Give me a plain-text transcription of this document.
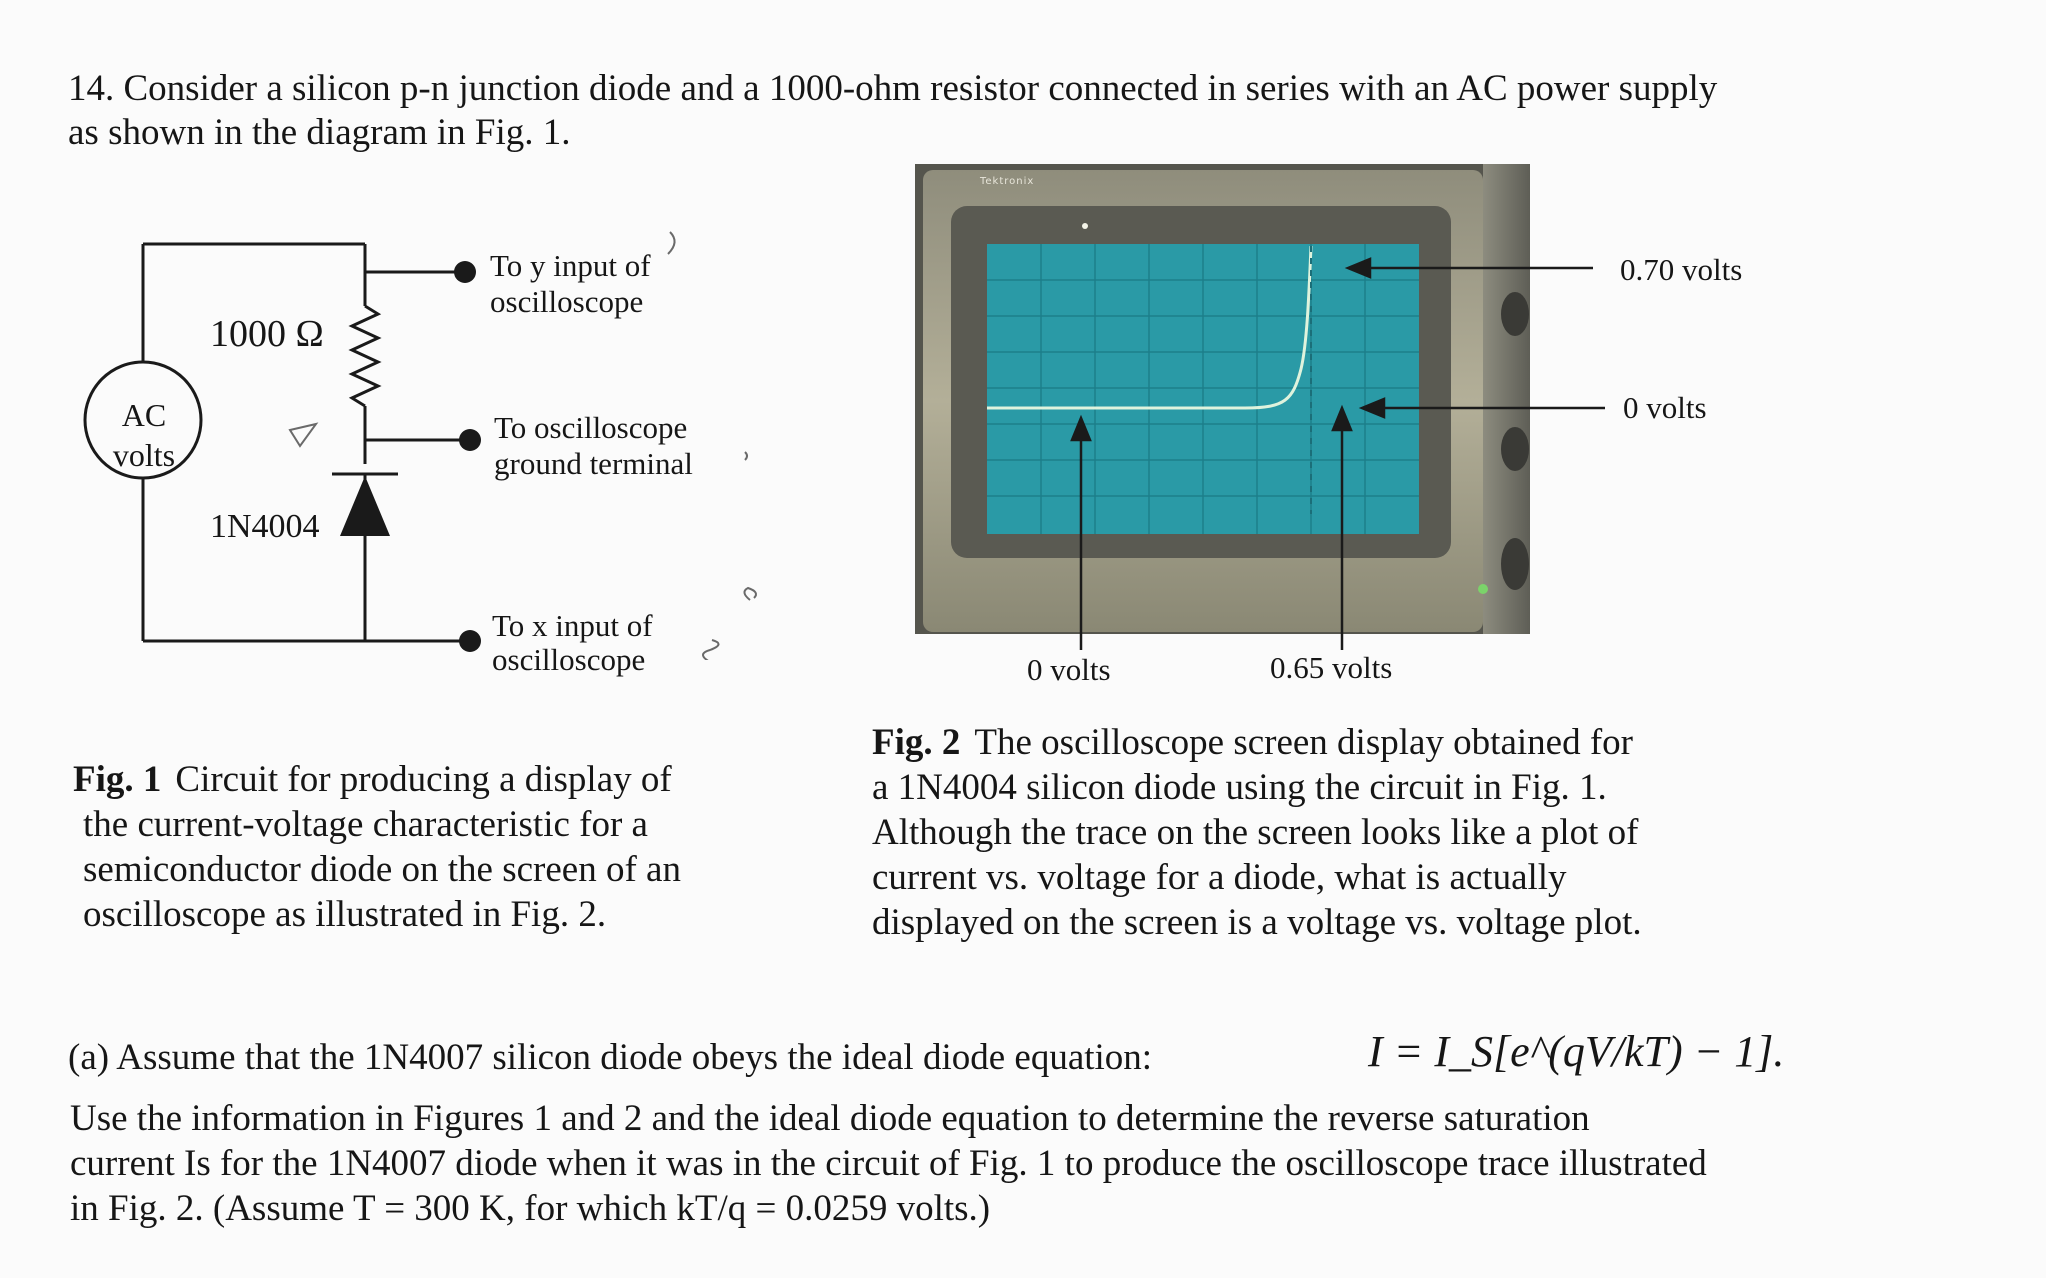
14. Consider a silicon p-n junction diode and a 1000-ohm resistor connected in series with an AC power supply
as shown in the diagram in Fig. 1.
1000 Ω
AC
volts
1N4004
To y input of
oscilloscope
To oscilloscope
ground terminal
To x input of
oscilloscope
Tektronix
0.70 volts
0 volts
0 volts	0.65 volts
Fig. 1 Circuit for producing a display of
the current-voltage characteristic for a
semiconductor diode on the screen of an
oscilloscope as illustrated in Fig. 2.
Fig. 2 The oscilloscope screen display obtained for
a 1N4004 silicon diode using the circuit in Fig. 1.
Although the trace on the screen looks like a plot of
current vs. voltage for a diode, what is actually
displayed on the screen is a voltage vs. voltage plot.
(a) Assume that the 1N4007 silicon diode obeys the ideal diode equation:	I = I_S[e^(qV/kT) − 1].
Use the information in Figures 1 and 2 and the ideal diode equation to determine the reverse saturation
current Is for the 1N4007 diode when it was in the circuit of Fig. 1 to produce the oscilloscope trace illustrated
in Fig. 2. (Assume T = 300 K, for which kT/q = 0.0259 volts.)
